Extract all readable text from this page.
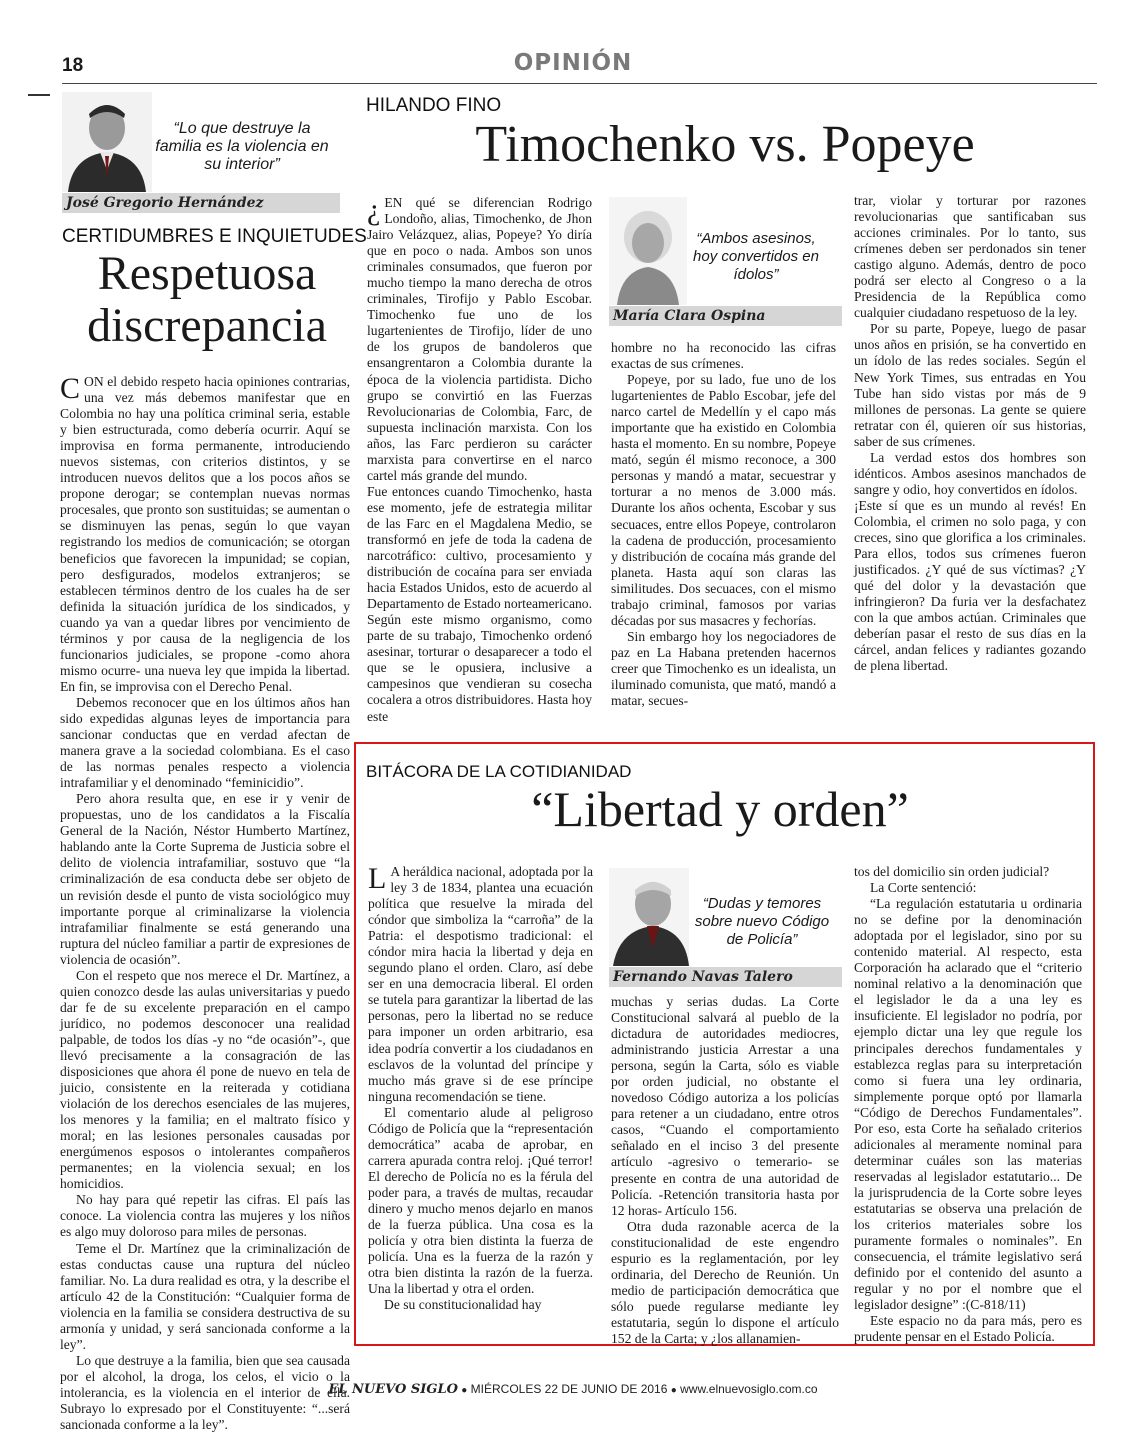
18	OPINIÓN
“Lo que destruye la familia es la violencia en su interior”
José Gregorio Hernández
CERTIDUMBRES E INQUIETUDES
Respetuosa discrepancia

CON el debido respeto hacia opiniones contrarias, una vez más debemos manifestar que en Colombia no hay una política criminal seria, estable y bien estructurada, como debería ocurrir. Aquí se improvisa en forma permanente, introduciendo nuevos sistemas, con criterios distintos, y se introducen nuevos delitos que a los pocos años se propone derogar; se contemplan nuevas normas procesales, que pronto son sustituidas; se aumentan o se disminuyen las penas, según lo que vayan registrando los medios de comunicación; se otorgan beneficios que favorecen la impunidad; se copian, pero desfigurados, modelos extranjeros; se establecen términos dentro de los cuales ha de ser definida la situación jurídica de los sindicados, y cuando ya van a quedar libres por vencimiento de términos y por causa de la negligencia de los funcionarios judiciales, se propone -como ahora mismo ocurre- una nueva ley que impida la libertad. En fin, se improvisa con el Derecho Penal.

Debemos reconocer que en los últimos años han sido expedidas algunas leyes de importancia para sancionar conductas que en verdad afectan de manera grave a la sociedad colombiana. Es el caso de las normas penales respecto a violencia intrafamiliar y el denominado “feminicidio”.

Pero ahora resulta que, en ese ir y venir de propuestas, uno de los candidatos a la Fiscalía General de la Nación, Néstor Humberto Martínez, hablando ante la Corte Suprema de Justicia sobre el delito de violencia intrafamiliar, sostuvo que “la criminalización de esa conducta debe ser objeto de un revisión desde el punto de vista sociológico muy importante porque al criminalizarse la violencia intrafamiliar finalmente se está generando una ruptura del núcleo familiar a partir de expresiones de violencia de ocasión”.

Con el respeto que nos merece el Dr. Martínez, a quien conozco desde las aulas universitarias y puedo dar fe de su excelente preparación en el campo jurídico, no podemos desconocer una realidad palpable, de todos los días -y no “de ocasión”-, que llevó precisamente a la consagración de las disposiciones que ahora él pone de nuevo en tela de juicio, consistente en la reiterada y cotidiana violación de los derechos esenciales de las mujeres, los menores y la familia; en el maltrato físico y moral; en las lesiones personales causadas por energúmenos esposos o intolerantes compañeros permanentes; en la violencia sexual; en los homicidios.

No hay para qué repetir las cifras. El país las conoce. La violencia contra las mujeres y los niños es algo muy doloroso para miles de personas.

Teme el Dr. Martínez que la criminalización de estas conductas cause una ruptura del núcleo familiar. No. La dura realidad es otra, y la describe el artículo 42 de la Constitución: “Cualquier forma de violencia en la familia se considera destructiva de su armonía y unidad, y será sancionada conforme a la ley”.

Lo que destruye a la familia, bien que sea causada por el alcohol, la droga, los celos, el vicio o la intolerancia, es la violencia en el interior de ella. Subrayo lo expresado por el Constituyente: “...será sancionada conforme a la ley”.

HILANDO FINO
Timochenko vs. Popeye

¿ EN qué se diferencian Rodrigo Londoño, alias, Timochenko, de Jhon Jairo Velázquez, alias, Popeye? Yo diría que en poco o nada. Ambos son unos criminales consumados, que fueron por mucho tiempo la mano derecha de otros criminales, Tirofijo y Pablo Escobar. Timochenko fue uno de los lugartenientes de Tirofijo, líder de uno de los grupos de bandoleros que ensangrentaron a Colombia durante la época de la violencia partidista. Dicho grupo se convirtió en las Fuerzas Revolucionarias de Colombia, Farc, de supuesta inclinación marxista. Con los años, las Farc perdieron su carácter marxista para convertirse en el narco cartel más grande del mundo.

Fue entonces cuando Timochenko, hasta ese momento, jefe de estrategia militar de las Farc en el Magdalena Medio, se transformó en jefe de toda la cadena de narcotráfico: cultivo, procesamiento y distribución de cocaína para ser enviada hacia Estados Unidos, esto de acuerdo al Departamento de Estado norteamericano. Según este mismo organismo, como parte de su trabajo, Timochenko ordenó asesinar, torturar o desaparecer a todo el que se le opusiera, inclusive a campesinos que vendieran su cosecha cocalera a otros distribuidores. Hasta hoy este

“Ambos asesinos, hoy convertidos en ídolos”
María Clara Ospina

hombre no ha reconocido las cifras exactas de sus crímenes.

Popeye, por su lado, fue uno de los lugartenientes de Pablo Escobar, jefe del narco cartel de Medellín y el capo más importante que ha existido en Colombia hasta el momento. En su nombre, Popeye mató, según él mismo reconoce, a 300 personas y mandó a matar, secuestrar y torturar a no menos de 3.000 más. Durante los años ochenta, Escobar y sus secuaces, entre ellos Popeye, controlaron la cadena de producción, procesamiento y distribución de cocaína más grande del planeta. Hasta aquí son claras las similitudes. Dos secuaces, con el mismo trabajo criminal, famosos por varias décadas por sus masacres y fechorías.

Sin embargo hoy los negociadores de paz en La Habana pretenden hacernos creer que Timochenko es un idealista, un iluminado comunista, que mató, mandó a matar, secues-

trar, violar y torturar por razones revolucionarias que santificaban sus acciones criminales. Por lo tanto, sus crímenes deben ser perdonados sin tener castigo alguno. Además, dentro de poco podrá ser electo al Congreso o a la Presidencia de la República como cualquier ciudadano respetuoso de la ley.

Por su parte, Popeye, luego de pasar unos años en prisión, se ha convertido en un ídolo de las redes sociales. Según el New York Times, sus entradas en You Tube han sido vistas por más de 9 millones de personas. La gente se quiere retratar con él, quieren oír sus historias, saber de sus crímenes.

La verdad estos dos hombres son idénticos. Ambos asesinos manchados de sangre y odio, hoy convertidos en ídolos.

¡Este sí que es un mundo al revés! En Colombia, el crimen no solo paga, y con creces, sino que glorifica a los criminales. Para ellos, todos sus crímenes fueron justificados. ¿Y qué de sus víctimas? ¿Y qué del dolor y la devastación que infringieron? Da furia ver la desfachatez con la que ambos actúan. Criminales que deberían pasar el resto de sus días en la cárcel, andan felices y radiantes gozando de plena libertad.

BITÁCORA DE LA COTIDIANIDAD
“Libertad y orden”

L A heráldica nacional, adoptada por la ley 3 de 1834, plantea una ecuación política que resuelve la mirada del cóndor que simboliza la “carroña” de la Patria: el despotismo tradicional: el cóndor mira hacia la libertad y deja en segundo plano el orden. Claro, así debe ser en una democracia liberal. El orden se tutela para garantizar la libertad de las personas, pero la libertad no se reduce para imponer un orden arbitrario, esa idea podría convertir a los ciudadanos en esclavos de la voluntad del príncipe y mucho más grave si de ese príncipe ninguna recomendación se tiene.

El comentario alude al peligroso Código de Policía que la “representación democrática” acaba de aprobar, en carrera apurada contra reloj. ¡Qué terror! El derecho de Policía no es la férula del poder para, a través de multas, recaudar dinero y mucho menos dejarlo en manos de la fuerza pública. Una cosa es la policía y otra bien distinta la fuerza de policía. Una es la fuerza de la razón y otra bien distinta la razón de la fuerza. Una la libertad y otra el orden.

De su constitucionalidad hay

“Dudas y temores sobre nuevo Código de Policía”
Fernando Navas Talero

muchas y serias dudas. La Corte Constitucional salvará al pueblo de la dictadura de autoridades mediocres, administrando justicia Arrestar a una persona, según la Carta, sólo es viable por orden judicial, no obstante el novedoso Código autoriza a los policías para retener a un ciudadano, entre otros casos, “Cuando el comportamiento señalado en el inciso 3 del presente artículo -agresivo o temerario- se presente en contra de una autoridad de Policía. -Retención transitoria hasta por 12 horas- Artículo 156.

Otra duda razonable acerca de la constitucionalidad de este engendro espurio es la reglamentación, por ley ordinaria, del Derecho de Reunión. Un medio de participación democrática que sólo puede regularse mediante ley estatutaria, según lo dispone el artículo 152 de la Carta; y ¿los allanamien-

tos del domicilio sin orden judicial?

La Corte sentenció:

“La regulación estatutaria u ordinaria no se define por la denominación adoptada por el legislador, sino por su contenido material. Al respecto, esta Corporación ha aclarado que el “criterio nominal relativo a la denominación que el legislador le da a una ley es insuficiente. El legislador no podría, por ejemplo dictar una ley que regule los principales derechos fundamentales y establezca reglas para su interpretación como si fuera una ley ordinaria, simplemente porque optó por llamarla “Código de Derechos Fundamentales”. Por eso, esta Corte ha señalado criterios adicionales al meramente nominal para determinar cuáles son las materias reservadas al legislador estatutario... De la jurisprudencia de la Corte sobre leyes estatutarias se observa una prelación de los criterios materiales sobre los puramente formales o nominales”. En consecuencia, el trámite legislativo será definido por el contenido del asunto a regular y no por el nombre que el legislador designe” :(C-818/11)

Este espacio no da para más, pero es prudente pensar en el Estado Policía.

EL NUEVO SIGLO ● MIÉRCOLES 22 DE JUNIO DE 2016 ● www.elnuevosiglo.com.co
